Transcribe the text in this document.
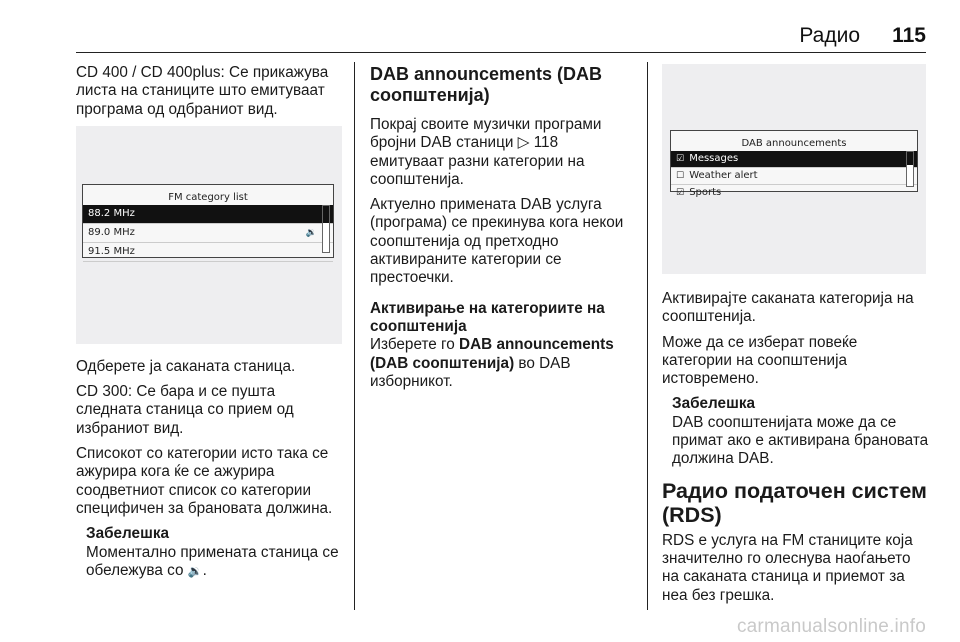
Радио 115

CD 400 / CD 400plus: Се прикажува листа на станиците што емитуваат програма од одбраниот вид.

FM category list
88.2 MHz
89.0 MHz	🔉
91.5 MHz

Одберете ја саканата станица.

CD 300: Се бара и се пушта следната станица со прием од избраниот вид.

Списокот со категории исто така се ажурира кога ќе се ажурира соодветниот список со категории специфичен за брановата должина.

Забелешка
Моментално примената станица се обележува со 🔉.
DAB announcements (DAB соопштенија)

Покрај своите музички програми бројни DAB станици ▷ 118 емитуваат разни категории на соопштенија.

Актуелно примената DAB услуга (програма) се прекинува кога некои соопштенија од претходно активираните категории се престоечки.

Активирање на категориите на соопштенија

Изберете го DAB announcements (DAB соопштенија) во DAB изборникот.

DAB announcements
☑ Messages
☐ Weather alert
☑ Sports

Активирајте саканата категорија на соопштенија.

Може да се изберат повеќе категории на соопштенија истовремено.

Забелешка
DAB соопштенијата може да се примат ако е активирана брановата должина DAB.
Радио податочен систем (RDS)

RDS е услуга на FM станиците која значително го олеснува наоѓањето на саканата станица и приемот за неа без грешка.

carmanualsonline.info
